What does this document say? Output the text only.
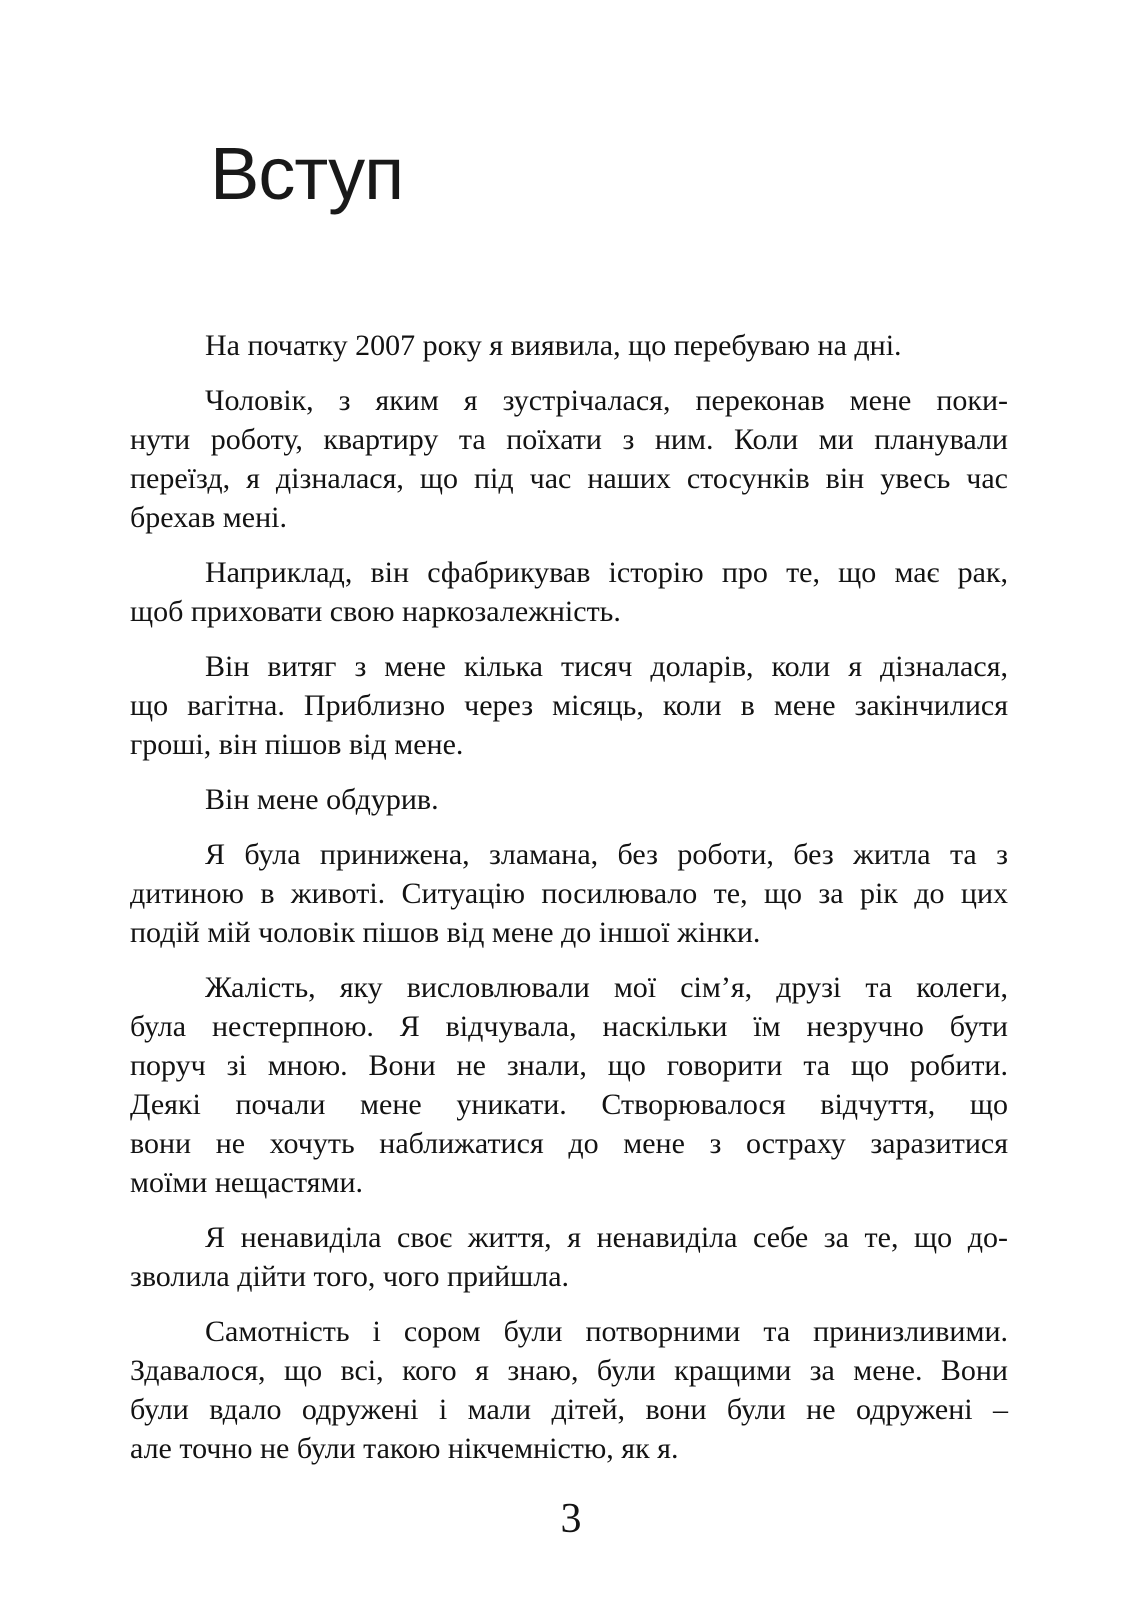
Вступ
На початку 2007 року я виявила, що перебуваю на дні.
Чоловік, з яким я зустрічалася, переконав мене поки-
нути роботу, квартиру та поїхати з ним. Коли ми планували
переїзд, я дізналася, що під час наших стосунків він увесь час
брехав мені.
Наприклад, він сфабрикував історію про те, що має рак,
щоб приховати свою наркозалежність.
Він витяг з мене кілька тисяч доларів, коли я дізналася,
що вагітна. Приблизно через місяць, коли в мене закінчилися
гроші, він пішов від мене.
Він мене обдурив.
Я була принижена, зламана, без роботи, без житла та з
дитиною в животі. Ситуацію посилювало те, що за рік до цих
подій мій чоловік пішов від мене до іншої жінки.
Жалість, яку висловлювали мої сім’я, друзі та колеги,
була нестерпною. Я відчувала, наскільки їм незручно бути
поруч зі мною. Вони не знали, що говорити та що робити.
Деякі почали мене уникати. Створювалося відчуття, що
вони не хочуть наближатися до мене з остраху заразитися
моїми нещастями.
Я ненавиділа своє життя, я ненавиділа себе за те, що до-
зволила дійти того, чого прийшла.
Самотність і сором були потворними та принизливими.
Здавалося, що всі, кого я знаю, були кращими за мене. Вони
були вдало одружені і мали дітей, вони були не одружені –
але точно не були такою нікчемністю, як я.
3
